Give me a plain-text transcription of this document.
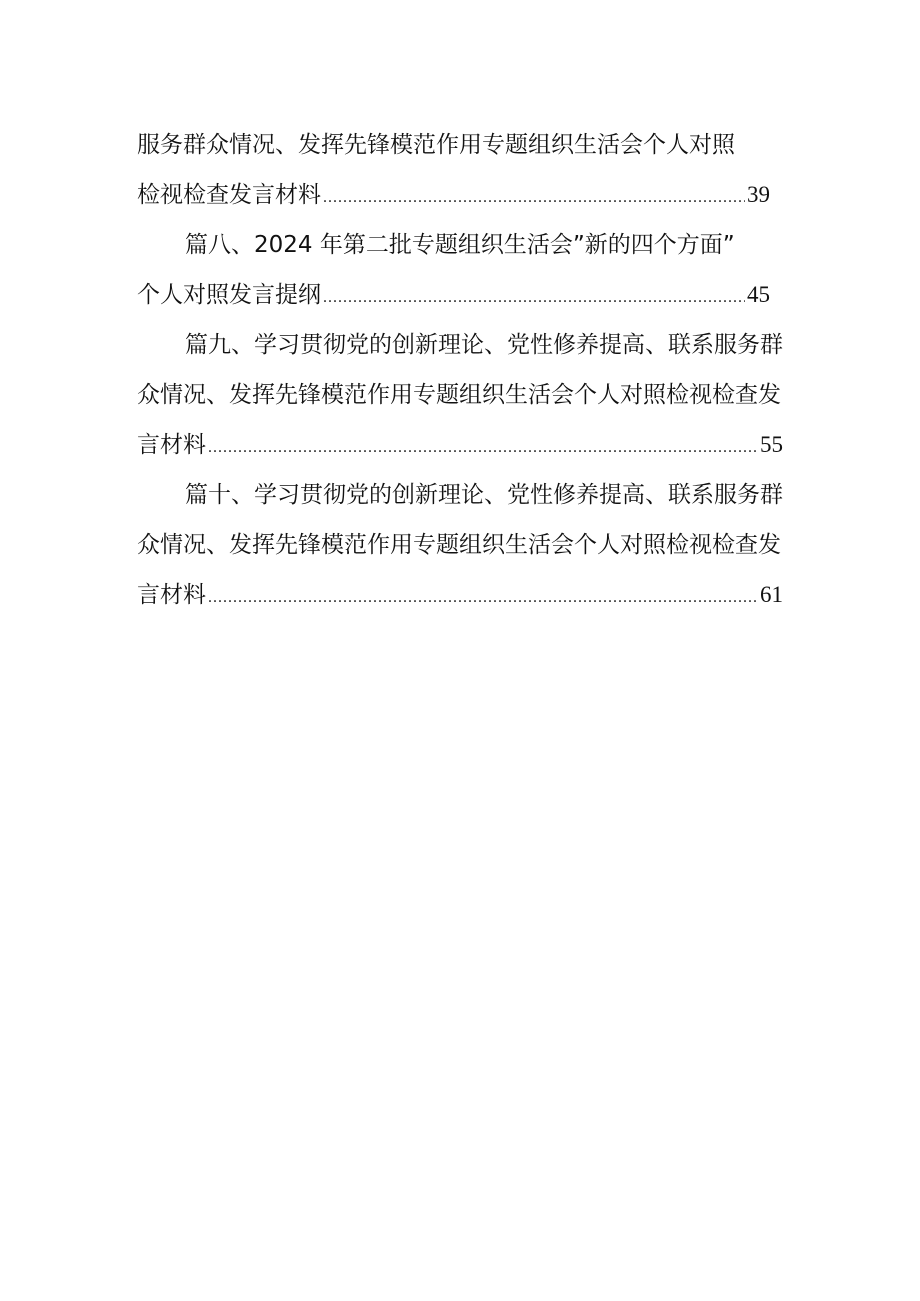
服务群众情况、发挥先锋模范作用专题组织生活会个人对照
检视检查发言材料 .....	39
篇八、2024 年第二批专题组织生活会”新的四个方面”
个人对照发言提纲 .....	45
篇九、学习贯彻党的创新理论、党性修养提高、联系服务群
众情况、发挥先锋模范作用专题组织生活会个人对照检视检查发
言材料 .....	55
篇十、学习贯彻党的创新理论、党性修养提高、联系服务群
众情况、发挥先锋模范作用专题组织生活会个人对照检视检查发
言材料 .....	61
